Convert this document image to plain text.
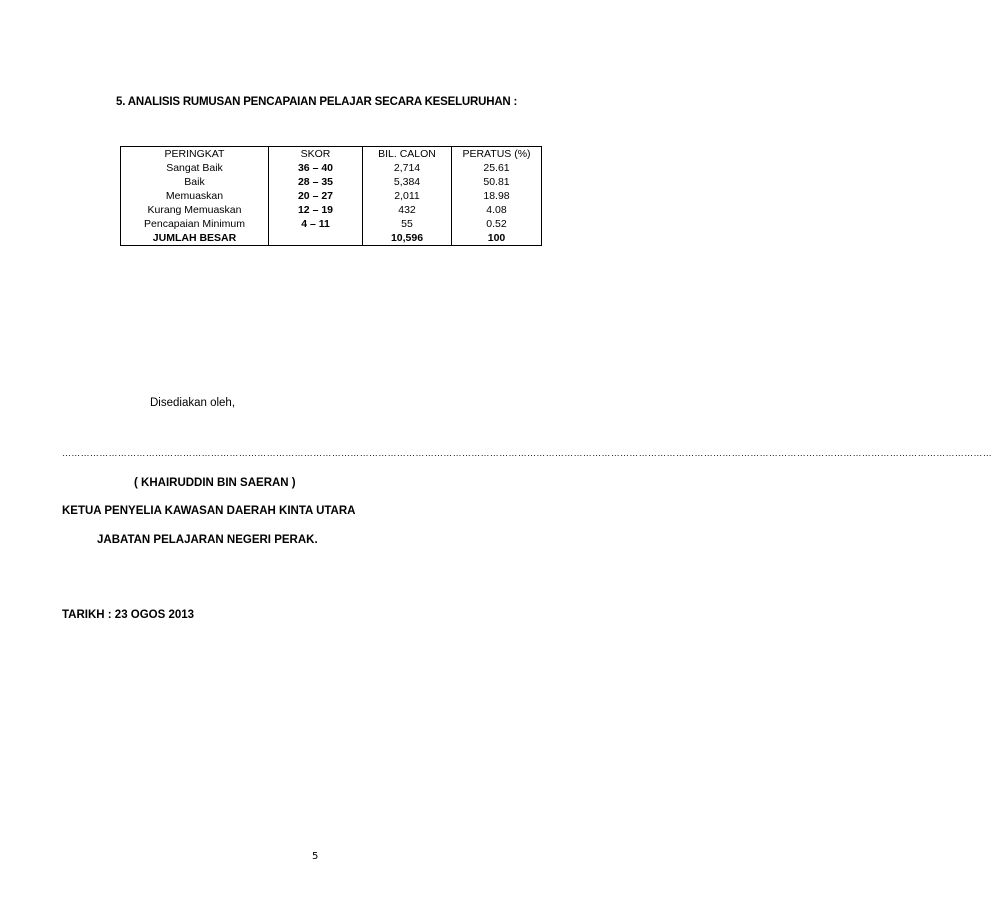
5. ANALISIS RUMUSAN PENCAPAIAN PELAJAR SECARA KESELURUHAN :
PERINGKAT	SKOR	BIL. CALON	PERATUS (%)
Sangat Baik	36 – 40	2,714	25.61
Baik	28 – 35	5,384	50.81
Memuaskan	20 – 27	2,011	18.98
Kurang Memuaskan	12 – 19	432	4.08
Pencapaian Minimum	4 – 11	55	0.52
JUMLAH BESAR		10,596	100
Disediakan oleh,
…………………………………………………………………………………………………………………………………………………………………………………………………………………………………………………………………………
( KHAIRUDDIN BIN SAERAN )
KETUA PENYELIA KAWASAN DAERAH KINTA UTARA
JABATAN PELAJARAN NEGERI PERAK.
TARIKH : 23 OGOS 2013
5
